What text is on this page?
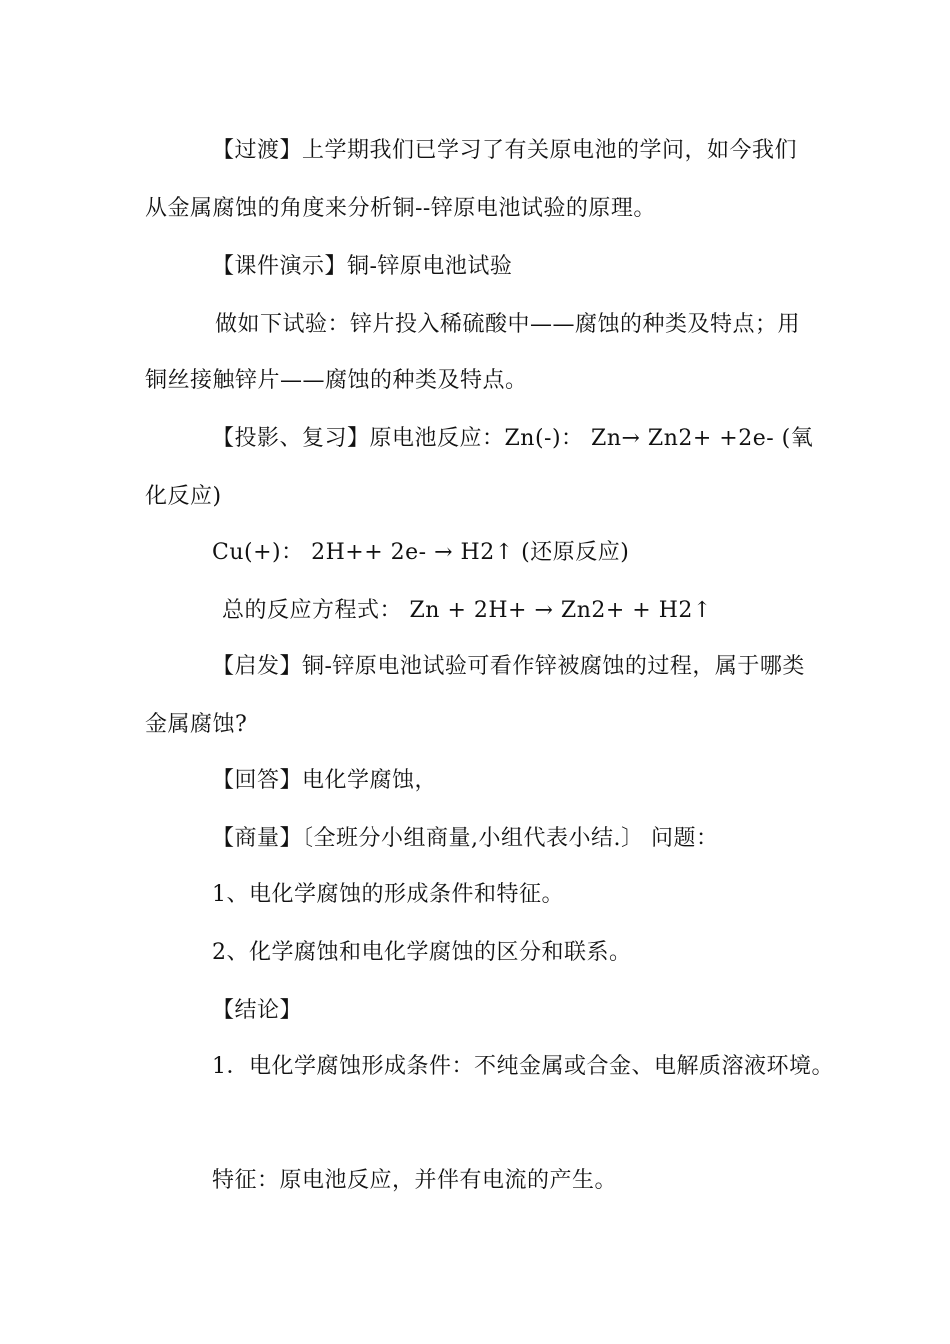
【过渡】上学期我们已学习了有关原电池的学问，如今我们
从金属腐蚀的角度来分析铜--锌原电池试验的原理。
【课件演示】铜-锌原电池试验
做如下试验：锌片投入稀硫酸中——腐蚀的种类及特点；用
铜丝接触锌片——腐蚀的种类及特点。
【投影、复习】原电池反应：Zn(-)： Zn→ Zn2+ +2e- (氧
化反应)
Cu(+)： 2H++ 2e- → H2↑ (还原反应)
总的反应方程式： Zn + 2H+ → Zn2+ + H2↑
【启发】铜-锌原电池试验可看作锌被腐蚀的过程，属于哪类
金属腐蚀?
【回答】电化学腐蚀，
【商量】〔全班分小组商量,小组代表小结.〕 问题：
1、电化学腐蚀的形成条件和特征。
2、化学腐蚀和电化学腐蚀的区分和联系。
【结论】
1．电化学腐蚀形成条件：不纯金属或合金、电解质溶液环境。
特征：原电池反应，并伴有电流的产生。
